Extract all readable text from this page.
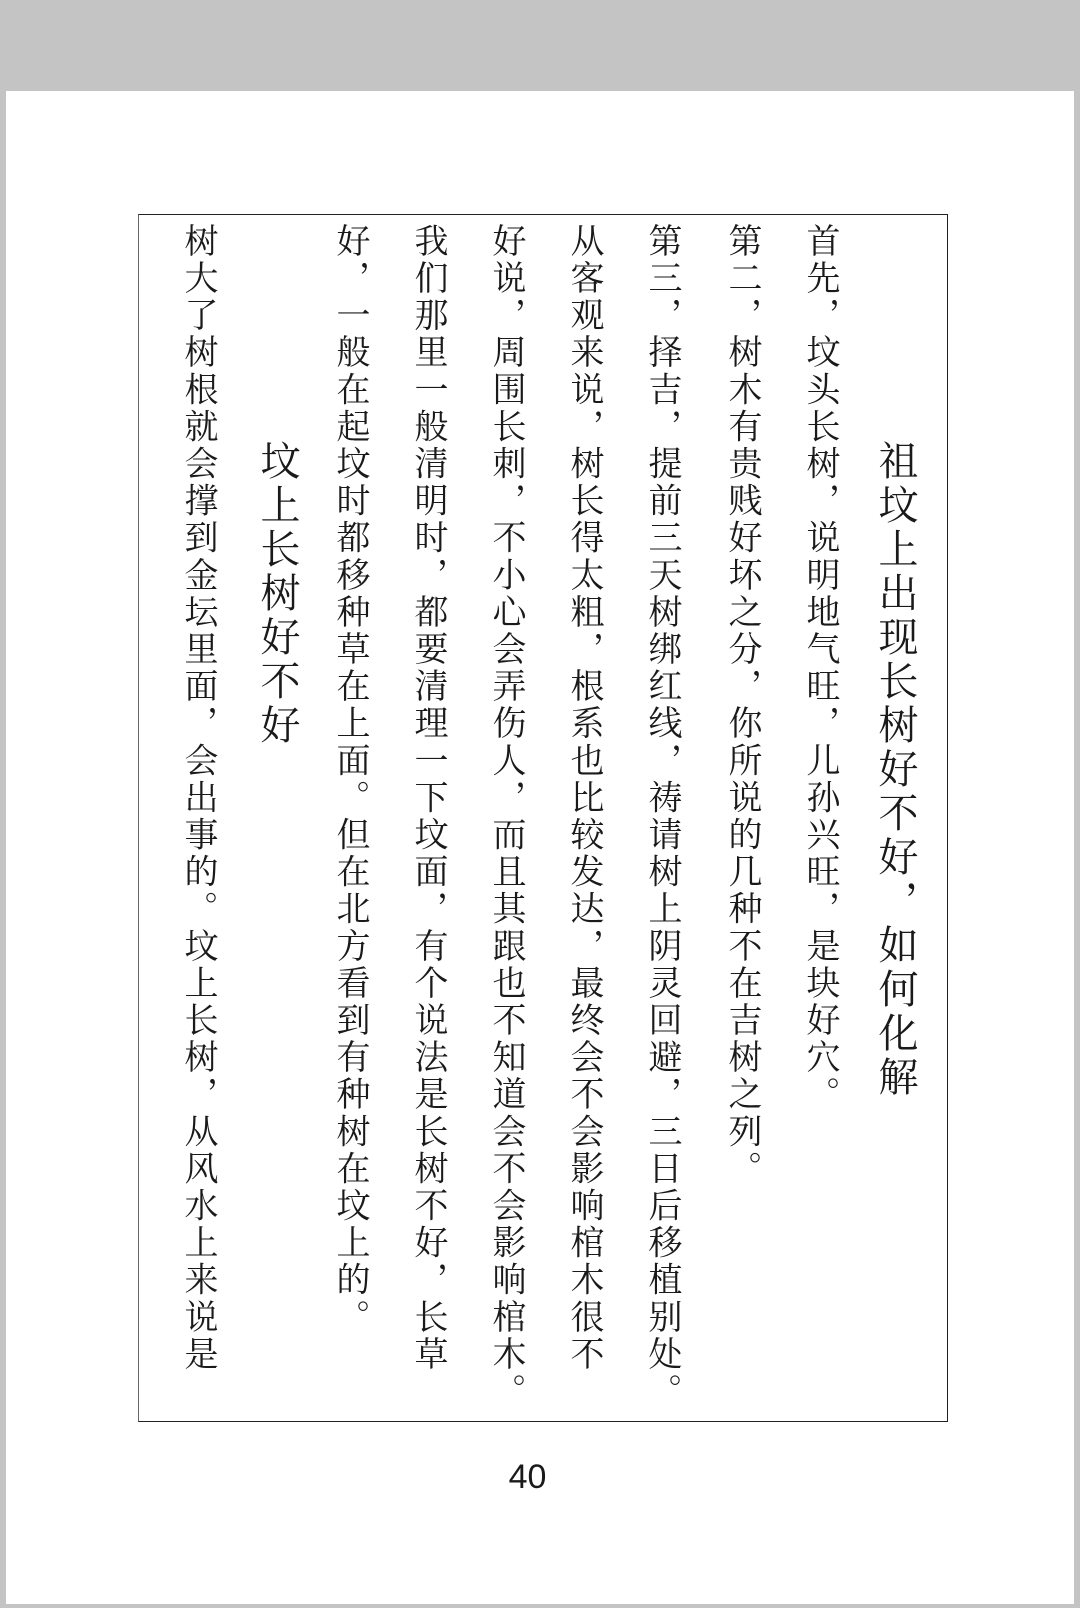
祖坟上出现长树好不好，如何化解
首先，坟头长树，说明地气旺，儿孙兴旺，是块好穴。
第二，树木有贵贱好坏之分，你所说的几种不在吉树之列。
第三，择吉，提前三天树绑红线，祷请树上阴灵回避，三日后移植别处。
从客观来说，树长得太粗，根系也比较发达，最终会不会影响棺木很不
好说，周围长刺，不小心会弄伤人，而且其跟也不知道会不会影响棺木。
我们那里一般清明时，都要清理一下坟面，有个说法是长树不好，长草
好，一般在起坟时都移种草在上面。但在北方看到有种树在坟上的。
坟上长树好不好
树大了树根就会撑到金坛里面，会出事的。坟上长树，从风水上来说是
40
